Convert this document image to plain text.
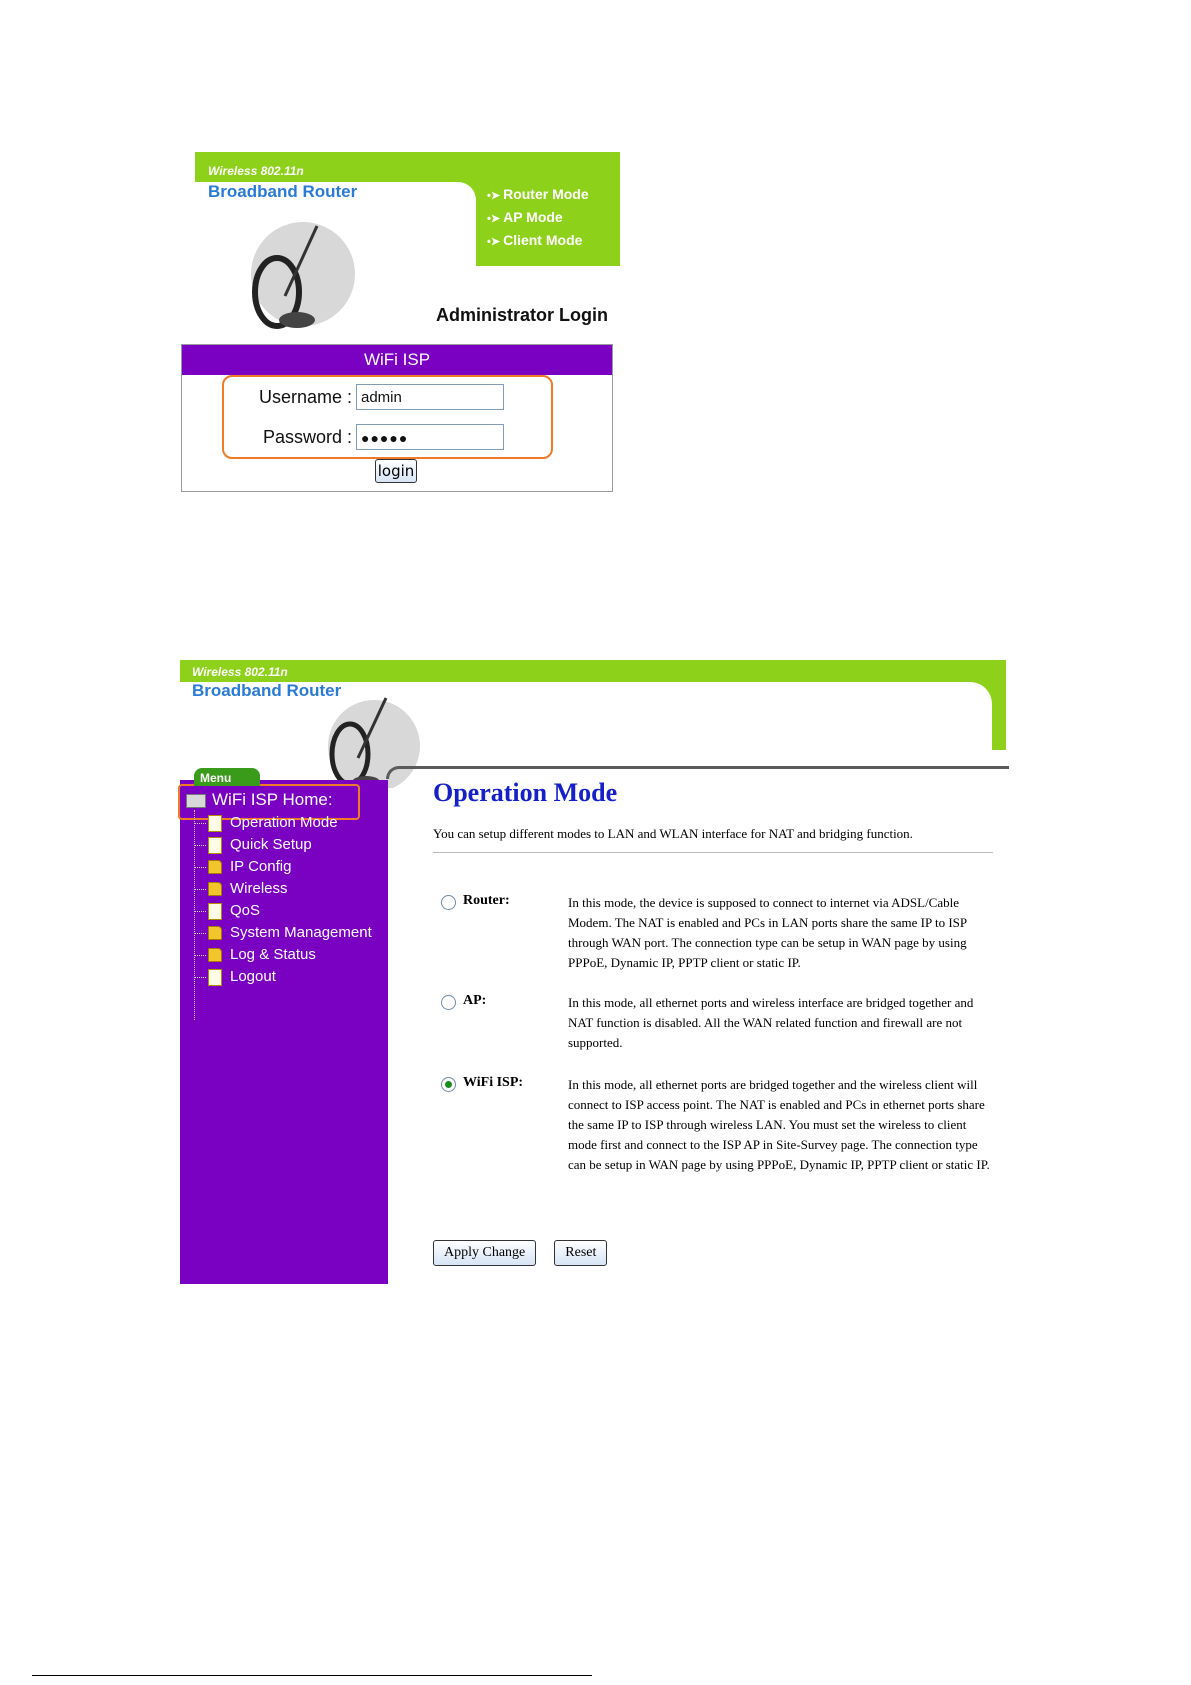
Wireless 802.11n
Broadband Router	•➤ Router Mode
•➤ AP Mode
•➤ Client Mode
Administrator Login
WiFi ISP
Username : admin
Password : ●●●●●
login
Wireless 802.11n
Broadband Router
WiFi ISP Home:
Operation Mode
Quick Setup
IP Config
Wireless
QoS
System Management
Log & Status
Logout
Menu	Operation Mode
You can setup different modes to LAN and WLAN interface for NAT and bridging function.
Router:	In this mode, the device is supposed to connect to internet via ADSL/Cable Modem. The NAT is enabled and PCs in LAN ports share the same IP to ISP through WAN port. The connection type can be setup in WAN page by using PPPoE, Dynamic IP, PPTP client or static IP.
AP:	In this mode, all ethernet ports and wireless interface are bridged together and NAT function is disabled. All the WAN related function and firewall are not supported.
WiFi ISP:	In this mode, all ethernet ports are bridged together and the wireless client will connect to ISP access point. The NAT is enabled and PCs in ethernet ports share the same IP to ISP through wireless LAN. You must set the wireless to client mode first and connect to the ISP AP in Site-Survey page. The connection type can be setup in WAN page by using PPPoE, Dynamic IP, PPTP client or static IP.
Apply Change	Reset
